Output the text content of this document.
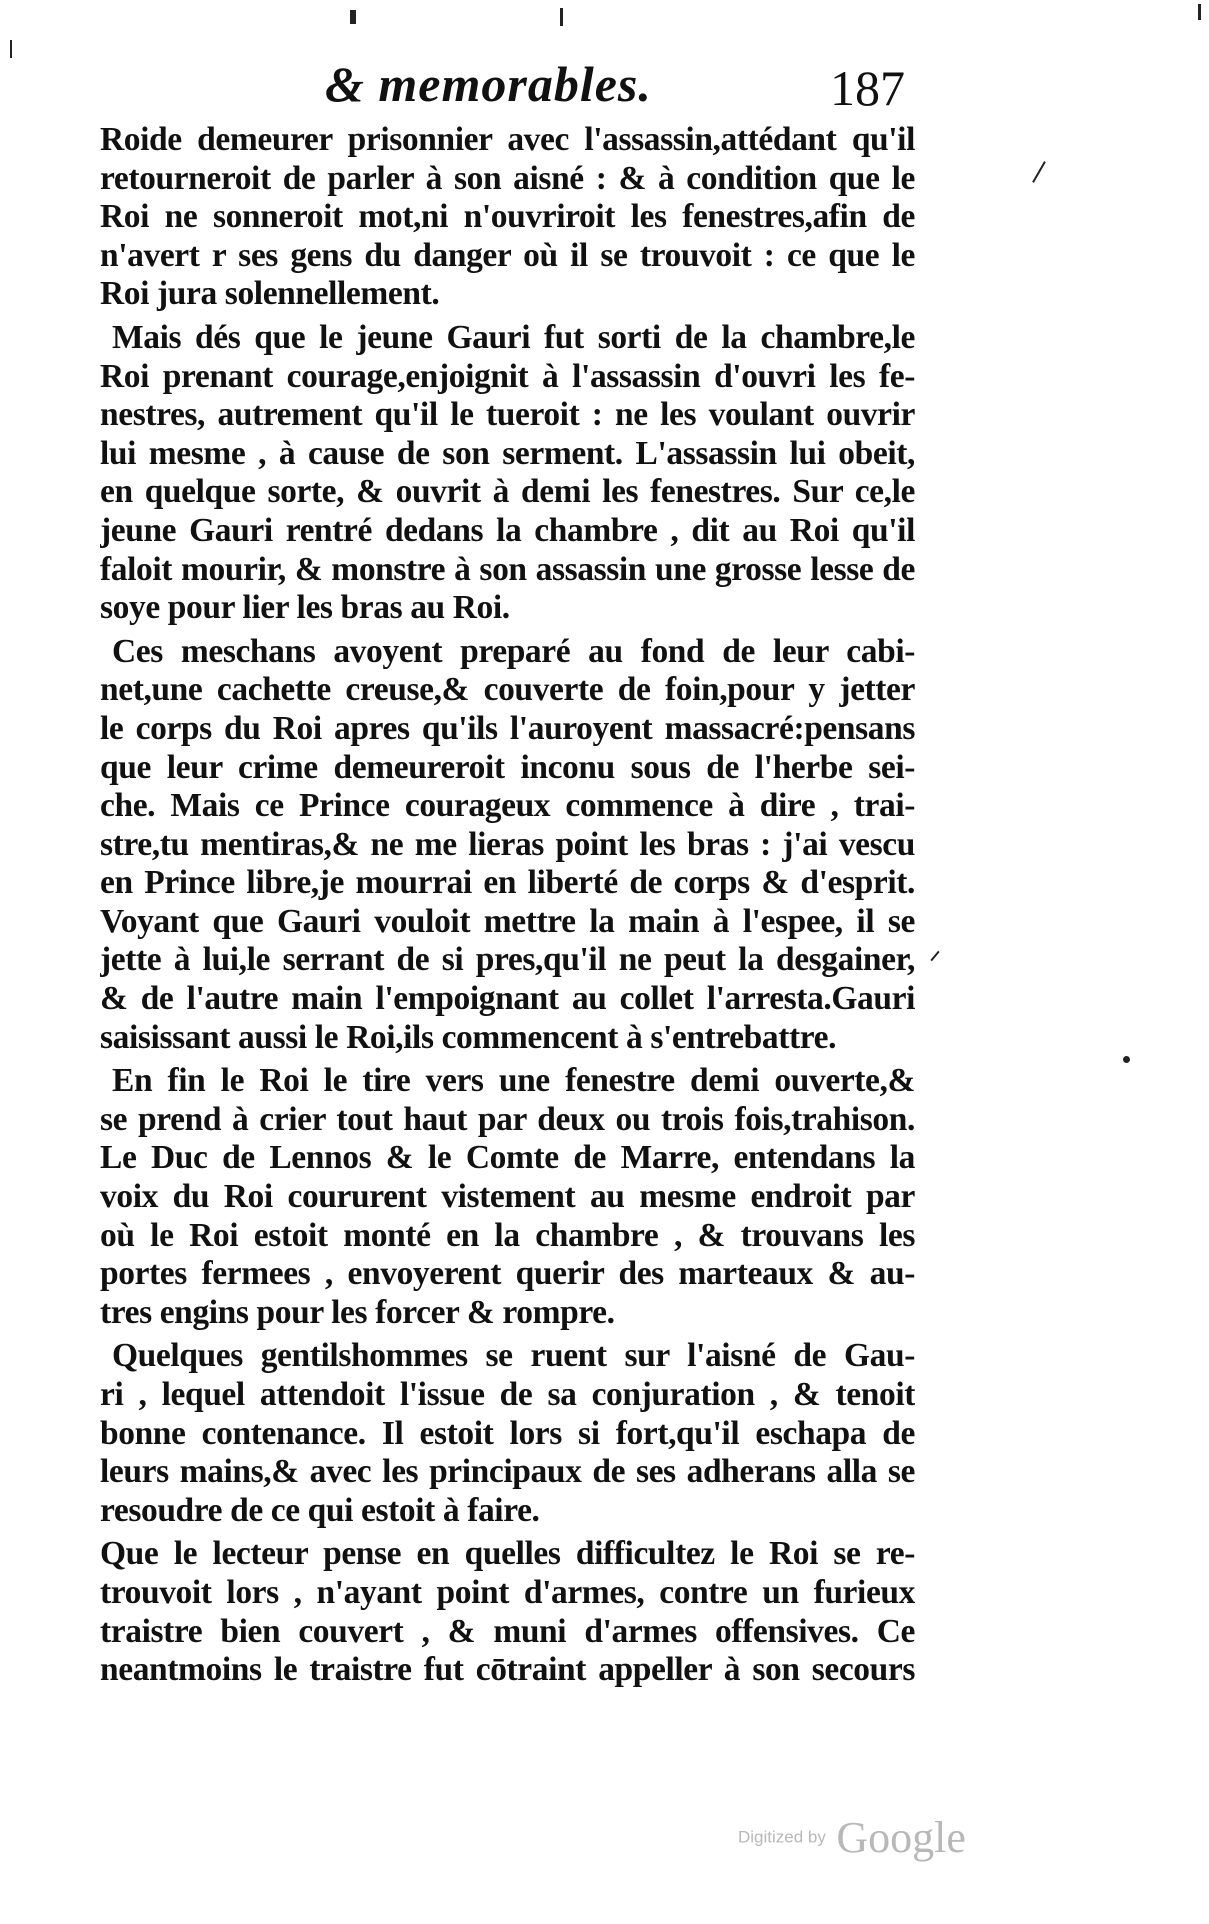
& memorables.	187
Roide demeurer prisonnier avec l'assassin,attédant qu'il
retourneroit de parler à son aisné : & à condition que le
Roi ne sonneroit mot,ni n'ouvriroit les fenestres,afin de
n'avert r ses gens du danger où il se trouvoit : ce que le
Roi jura solennellement.
Mais dés que le jeune Gauri fut sorti de la chambre,le
Roi prenant courage,enjoignit à l'assassin d'ouvri les fe-
nestres, autrement qu'il le tueroit : ne les voulant ouvrir
lui mesme , à cause de son serment. L'assassin lui obeit,
en quelque sorte, & ouvrit à demi les fenestres. Sur ce,le
jeune Gauri rentré dedans la chambre , dit au Roi qu'il
faloit mourir, & monstre à son assassin une grosse lesse de
soye pour lier les bras au Roi.
Ces meschans avoyent preparé au fond de leur cabi-
net,une cachette creuse,& couverte de foin,pour y jetter
le corps du Roi apres qu'ils l'auroyent massacré:pensans
que leur crime demeureroit inconu sous de l'herbe sei-
che. Mais ce Prince courageux commence à dire , trai-
stre,tu mentiras,& ne me lieras point les bras : j'ai vescu
en Prince libre,je mourrai en liberté de corps & d'esprit.
Voyant que Gauri vouloit mettre la main à l'espee, il se
jette à lui,le serrant de si pres,qu'il ne peut la desgainer,
& de l'autre main l'empoignant au collet l'arresta.Gauri
saisissant aussi le Roi,ils commencent à s'entrebattre.
En fin le Roi le tire vers une fenestre demi ouverte,&
se prend à crier tout haut par deux ou trois fois,trahison.
Le Duc de Lennos & le Comte de Marre, entendans la
voix du Roi coururent vistement au mesme endroit par
où le Roi estoit monté en la chambre , & trouvans les
portes fermees , envoyerent querir des marteaux & au-
tres engins pour les forcer & rompre.
Quelques gentilshommes se ruent sur l'aisné de Gau-
ri , lequel attendoit l'issue de sa conjuration , & tenoit
bonne contenance. Il estoit lors si fort,qu'il eschapa de
leurs mains,& avec les principaux de ses adherans alla se
resoudre de ce qui estoit à faire.
Que le lecteur pense en quelles difficultez le Roi se re-
trouvoit lors , n'ayant point d'armes, contre un furieux
traistre bien couvert , & muni d'armes offensives. Ce
neantmoins le traistre fut cōtraint appeller à son secours
Digitized by Google
